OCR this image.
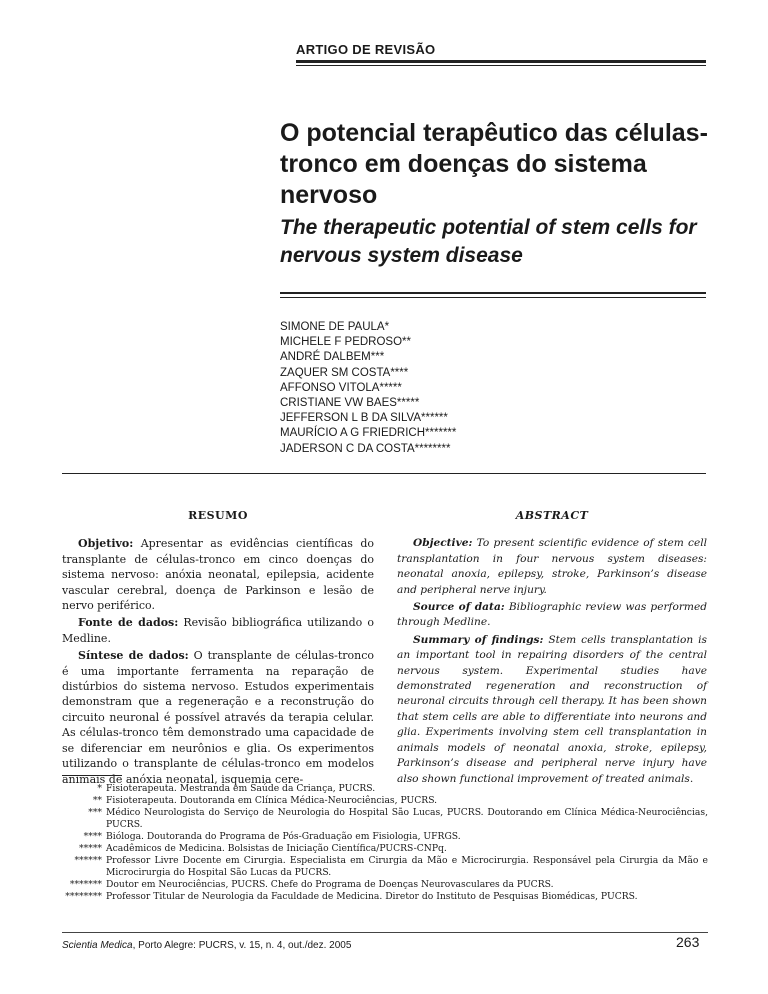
ARTIGO DE REVISÃO
O potencial terapêutico das células-tronco em doenças do sistema nervoso
The therapeutic potential of stem cells for nervous system disease
SIMONE DE PAULA*
MICHELE F PEDROSO**
ANDRÉ DALBEM***
ZAQUER SM COSTA****
AFFONSO VITOLA*****
CRISTIANE VW BAES*****
JEFFERSON L B DA SILVA******
MAURÍCIO A G FRIEDRICH*******
JADERSON C DA COSTA********
RESUMO

Objetivo: Apresentar as evidências científicas do transplante de células-tronco em cinco doenças do sistema nervoso: anóxia neonatal, epilepsia, acidente vascular cerebral, doença de Parkinson e lesão de nervo periférico.

Fonte de dados: Revisão bibliográfica utilizando o Medline.

Síntese de dados: O transplante de células-tronco é uma importante ferramenta na reparação de distúrbios do sistema nervoso. Estudos experimentais demonstram que a regeneração e a reconstrução do circuito neuronal é possível através da terapia celular. As células-tronco têm demonstrado uma capacidade de se diferenciar em neurônios e glia. Os experimentos utilizando o transplante de células-tronco em modelos animais de anóxia neonatal, isquemia cere-

ABSTRACT

Objective: To present scientific evidence of stem cell transplantation in four nervous system diseases: neonatal anoxia, epilepsy, stroke, Parkinson’s disease and peripheral nerve injury.

Source of data: Bibliographic review was performed through Medline.

Summary of findings: Stem cells transplantation is an important tool in repairing disorders of the central nervous system. Experimental studies have demonstrated regeneration and reconstruction of neuronal circuits through cell therapy. It has been shown that stem cells are able to differentiate into neurons and glia. Experiments involving stem cell transplantation in animals models of neonatal anoxia, stroke, epilepsy, Parkinson’s disease and peripheral nerve injury have also shown functional improvement of treated animals.

* Fisioterapeuta. Mestranda em Saúde da Criança, PUCRS.
** Fisioterapeuta. Doutoranda em Clínica Médica-Neurociências, PUCRS.
*** Médico Neurologista do Serviço de Neurologia do Hospital São Lucas, PUCRS. Doutorando em Clínica Médica-Neurociências, PUCRS.
**** Bióloga. Doutoranda do Programa de Pós-Graduação em Fisiologia, UFRGS.
***** Acadêmicos de Medicina. Bolsistas de Iniciação Científica/PUCRS-CNPq.
****** Professor Livre Docente em Cirurgia. Especialista em Cirurgia da Mão e Microcirurgia. Responsável pela Cirurgia da Mão e Microcirurgia do Hospital São Lucas da PUCRS.
******* Doutor em Neurociências, PUCRS. Chefe do Programa de Doenças Neurovasculares da PUCRS.
******** Professor Titular de Neurologia da Faculdade de Medicina. Diretor do Instituto de Pesquisas Biomédicas, PUCRS.
Scientia Medica, Porto Alegre: PUCRS, v. 15, n. 4, out./dez. 2005	263
